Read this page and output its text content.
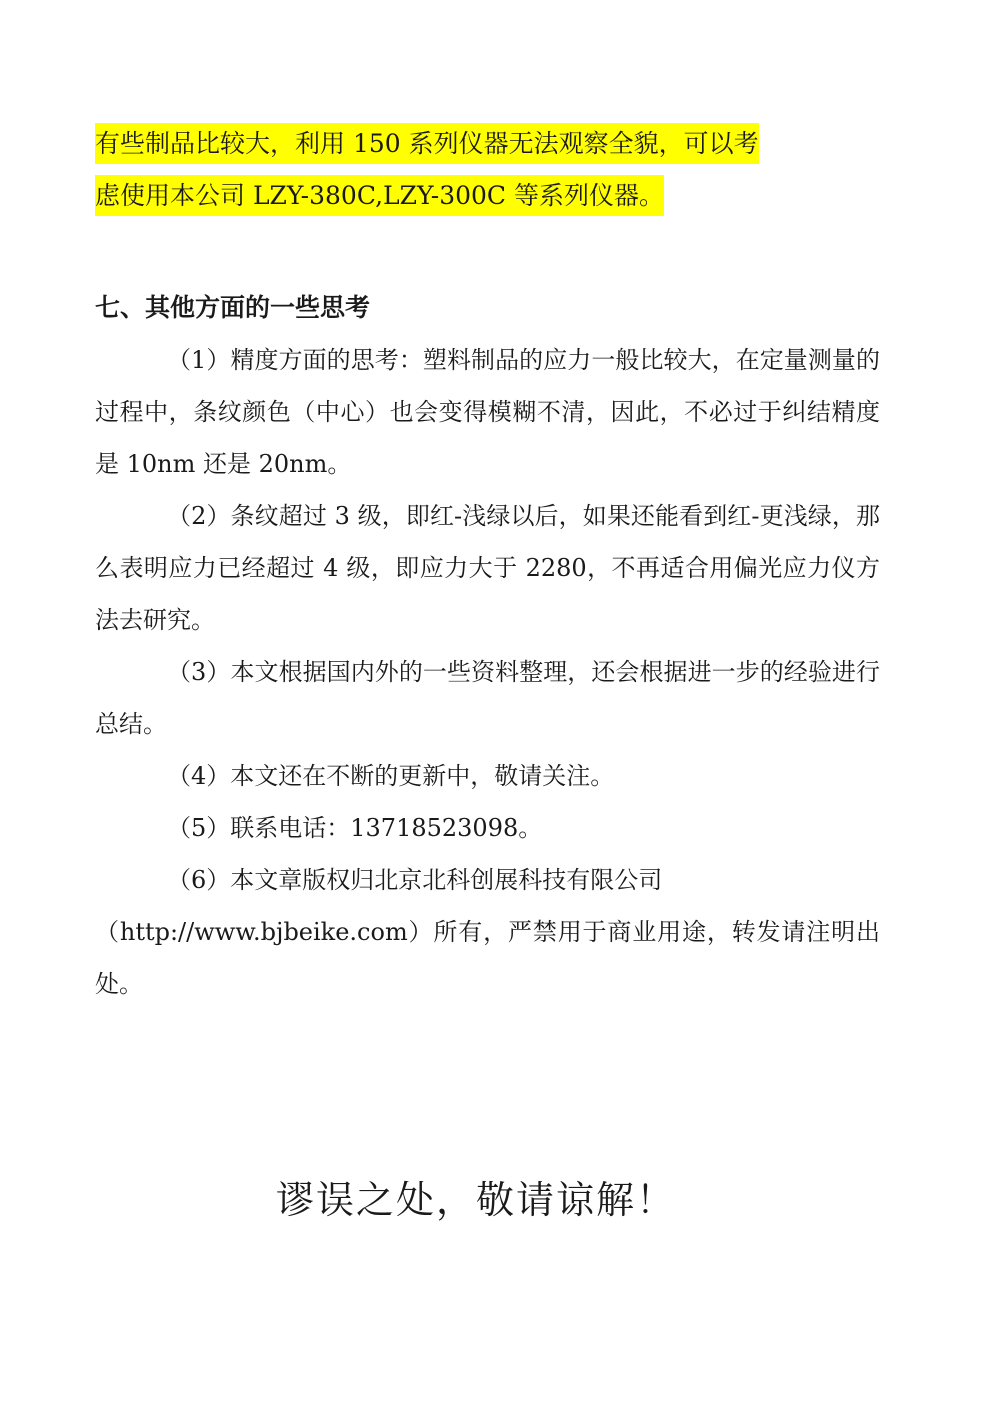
有些制品比较大，利用 150 系列仪器无法观察全貌，可以考
虑使用本公司 LZY-380C,LZY-300C 等系列仪器。

七、其他方面的一些思考

（1）精度方面的思考：塑料制品的应力一般比较大，在定量测量的过程中，条纹颜色（中心）也会变得模糊不清，因此，不必过于纠结精度是 10nm 还是 20nm。

（2）条纹超过 3 级，即红-浅绿以后，如果还能看到红-更浅绿，那么表明应力已经超过 4 级，即应力大于 2280，不再适合用偏光应力仪方法去研究。

（3）本文根据国内外的一些资料整理，还会根据进一步的经验进行总结。

（4）本文还在不断的更新中，敬请关注。

（5）联系电话：13718523098。

（6）本文章版权归北京北科创展科技有限公司

（http://www.bjbeike.com）所有，严禁用于商业用途，转发请注明出处。

谬误之处，敬请谅解！
